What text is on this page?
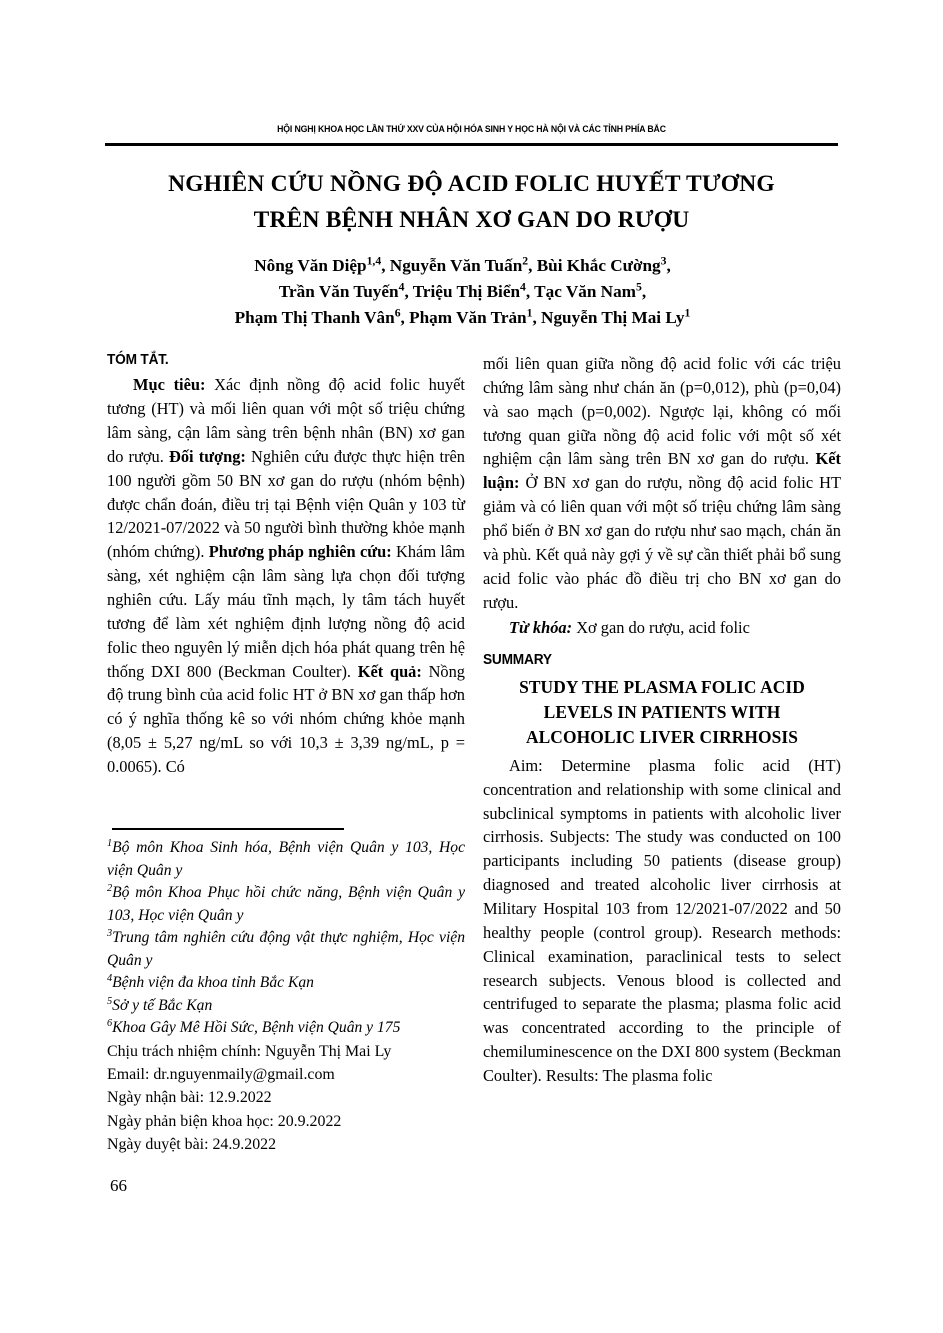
HỘI NGHỊ KHOA HỌC LẦN THỨ XXV CỦA HỘI HÓA SINH Y HỌC HÀ NỘI VÀ CÁC TỈNH PHÍA BẮC
NGHIÊN CỨU NỒNG ĐỘ ACID FOLIC HUYẾT TƯƠNG
TRÊN BỆNH NHÂN XƠ GAN DO RƯỢU
Nông Văn Diệp$^{1,4}$, Nguyễn Văn Tuấn$^2$, Bùi Khắc Cường$^3$,
Trần Văn Tuyến$^4$, Triệu Thị Biển$^4$, Tạc Văn Nam$^5$,
Phạm Thị Thanh Vân$^6$, Phạm Văn Trản$^1$, Nguyễn Thị Mai Ly$^1$
TÓM TẮT.

Mục tiêu: Xác định nồng độ acid folic huyết tương (HT) và mối liên quan với một số triệu chứng lâm sàng, cận lâm sàng trên bệnh nhân (BN) xơ gan do rượu. Đối tượng: Nghiên cứu được thực hiện trên 100 người gồm 50 BN xơ gan do rượu (nhóm bệnh) được chẩn đoán, điều trị tại Bệnh viện Quân y 103 từ 12/2021-07/2022 và 50 người bình thường khỏe mạnh (nhóm chứng). Phương pháp nghiên cứu: Khám lâm sàng, xét nghiệm cận lâm sàng lựa chọn đối tượng nghiên cứu. Lấy máu tĩnh mạch, ly tâm tách huyết tương để làm xét nghiệm định lượng nồng độ acid folic theo nguyên lý miễn dịch hóa phát quang trên hệ thống DXI 800 (Beckman Coulter). Kết quả: Nồng độ trung bình của acid folic HT ở BN xơ gan thấp hơn có ý nghĩa thống kê so với nhóm chứng khỏe mạnh (8,05 ± 5,27 ng/mL so với 10,3 ± 3,39 ng/mL, p = 0.0065). Có

mối liên quan giữa nồng độ acid folic với các triệu chứng lâm sàng như chán ăn (p=0,012), phù (p=0,04) và sao mạch (p=0,002). Ngược lại, không có mối tương quan giữa nồng độ acid folic với một số xét nghiệm cận lâm sàng trên BN xơ gan do rượu. Kết luận: Ở BN xơ gan do rượu, nồng độ acid folic HT giảm và có liên quan với một số triệu chứng lâm sàng phổ biến ở BN xơ gan do rượu như sao mạch, chán ăn và phù. Kết quả này gợi ý về sự cần thiết phải bổ sung acid folic vào phác đồ điều trị cho BN xơ gan do rượu.

Từ khóa: Xơ gan do rượu, acid folic

SUMMARY
STUDY THE PLASMA FOLIC ACID
LEVELS IN PATIENTS WITH
ALCOHOLIC LIVER CIRRHOSIS

Aim: Determine plasma folic acid (HT) concentration and relationship with some clinical and subclinical symptoms in patients with alcoholic liver cirrhosis. Subjects: The study was conducted on 100 participants including 50 patients (disease group) diagnosed and treated alcoholic liver cirrhosis at Military Hospital 103 from 12/2021-07/2022 and 50 healthy people (control group). Research methods: Clinical examination, paraclinical tests to select research subjects. Venous blood is collected and centrifuged to separate the plasma; plasma folic acid was concentrated according to the principle of chemiluminescence on the DXI 800 system (Beckman Coulter). Results: The plasma folic

$^1$Bộ môn Khoa Sinh hóa, Bệnh viện Quân y 103, Học viện Quân y

$^2$Bộ môn Khoa Phục hồi chức năng, Bệnh viện Quân y 103, Học viện Quân y

$^3$Trung tâm nghiên cứu động vật thực nghiệm, Học viện Quân y

$^4$Bệnh viện đa khoa tỉnh Bắc Kạn

$^5$Sở y tế Bắc Kạn

$^6$Khoa Gây Mê Hồi Sức, Bệnh viện Quân y 175

Chịu trách nhiệm chính: Nguyễn Thị Mai Ly

Email: dr.nguyenmaily@gmail.com

Ngày nhận bài: 12.9.2022

Ngày phản biện khoa học: 20.9.2022

Ngày duyệt bài: 24.9.2022

66
